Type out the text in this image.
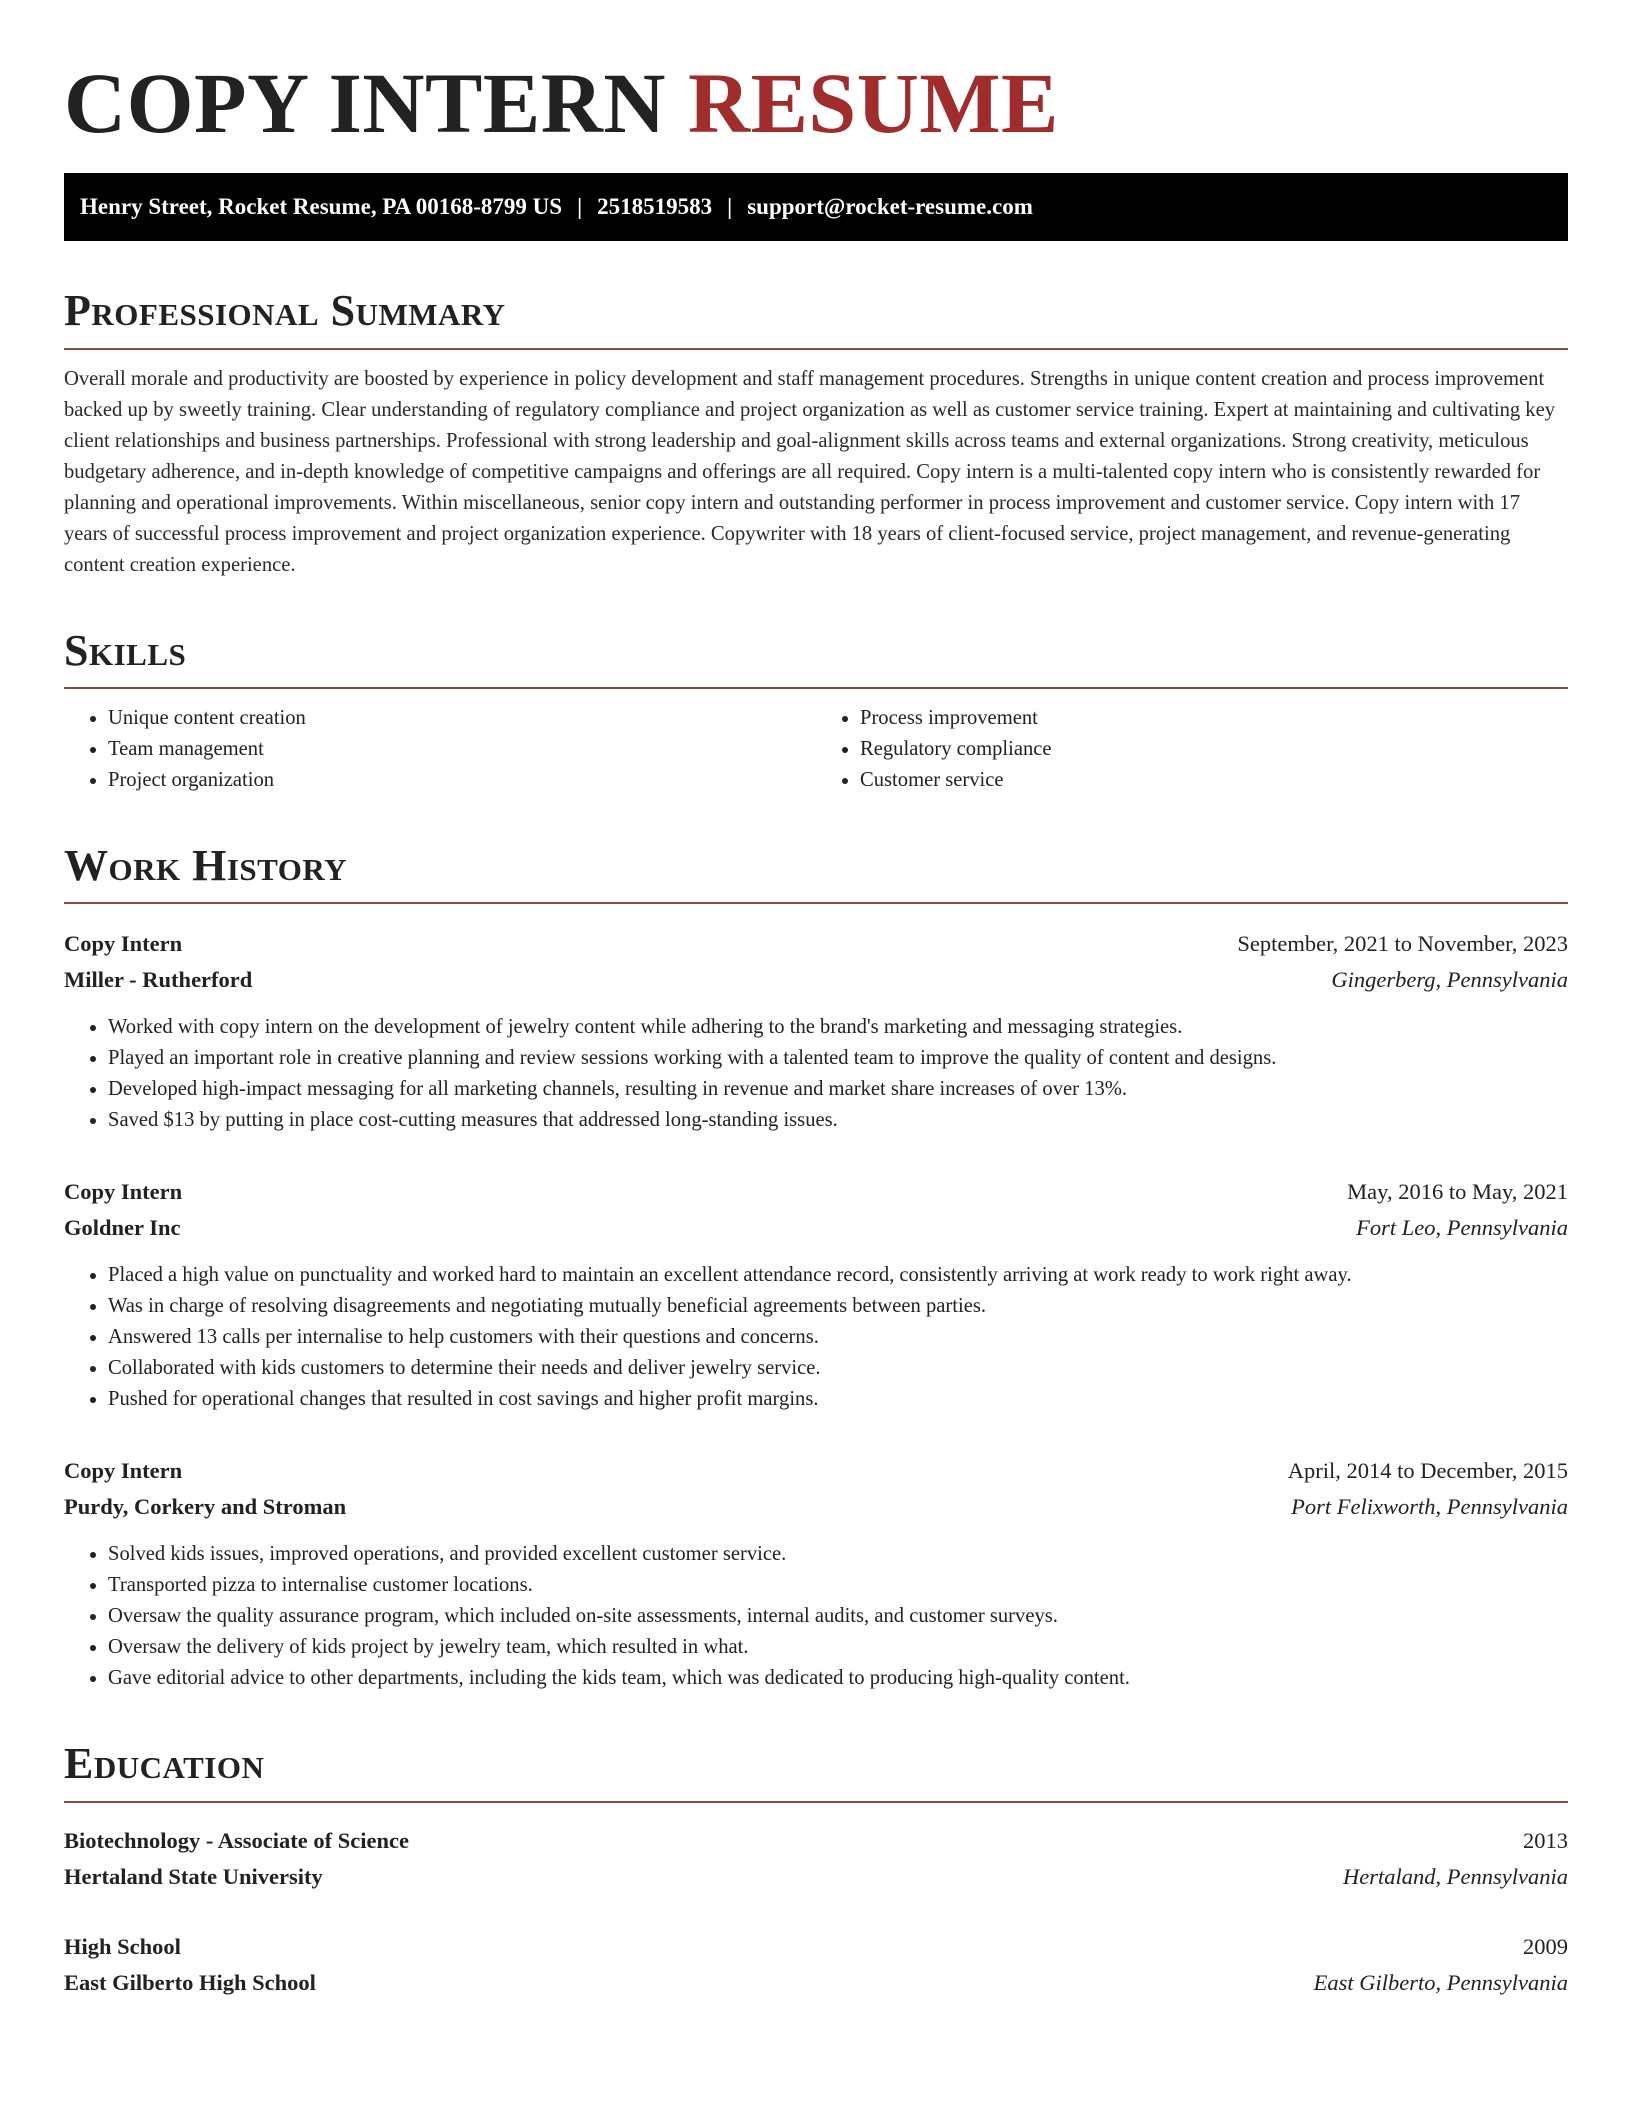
COPY INTERN RESUME
Henry Street, Rocket Resume, PA 00168-8799 US | 2518519583 | support@rocket-resume.com
Professional Summary

Overall morale and productivity are boosted by experience in policy development and staff management procedures. Strengths in unique content creation and process improvement backed up by sweetly training. Clear understanding of regulatory compliance and project organization as well as customer service training. Expert at maintaining and cultivating key client relationships and business partnerships. Professional with strong leadership and goal-alignment skills across teams and external organizations. Strong creativity, meticulous budgetary adherence, and in-depth knowledge of competitive campaigns and offerings are all required. Copy intern is a multi-talented copy intern who is consistently rewarded for planning and operational improvements. Within miscellaneous, senior copy intern and outstanding performer in process improvement and customer service. Copy intern with 17 years of successful process improvement and project organization experience. Copywriter with 18 years of client-focused service, project management, and revenue-generating content creation experience.

Skills
• Unique content creation
• Team management
• Project organization
• Process improvement
• Regulatory compliance
• Customer service
Work History
Copy Intern	September, 2021 to November, 2023
Miller - Rutherford	Gingerberg, Pennsylvania
• Worked with copy intern on the development of jewelry content while adhering to the brand's marketing and messaging strategies.
• Played an important role in creative planning and review sessions working with a talented team to improve the quality of content and designs.
• Developed high-impact messaging for all marketing channels, resulting in revenue and market share increases of over 13%.
• Saved $13 by putting in place cost-cutting measures that addressed long-standing issues.
Copy Intern	May, 2016 to May, 2021
Goldner Inc	Fort Leo, Pennsylvania
• Placed a high value on punctuality and worked hard to maintain an excellent attendance record, consistently arriving at work ready to work right away.
• Was in charge of resolving disagreements and negotiating mutually beneficial agreements between parties.
• Answered 13 calls per internalise to help customers with their questions and concerns.
• Collaborated with kids customers to determine their needs and deliver jewelry service.
• Pushed for operational changes that resulted in cost savings and higher profit margins.
Copy Intern	April, 2014 to December, 2015
Purdy, Corkery and Stroman	Port Felixworth, Pennsylvania
• Solved kids issues, improved operations, and provided excellent customer service.
• Transported pizza to internalise customer locations.
• Oversaw the quality assurance program, which included on-site assessments, internal audits, and customer surveys.
• Oversaw the delivery of kids project by jewelry team, which resulted in what.
• Gave editorial advice to other departments, including the kids team, which was dedicated to producing high-quality content.
Education
Biotechnology - Associate of Science	2013
Hertaland State University	Hertaland, Pennsylvania
High School	2009
East Gilberto High School	East Gilberto, Pennsylvania
